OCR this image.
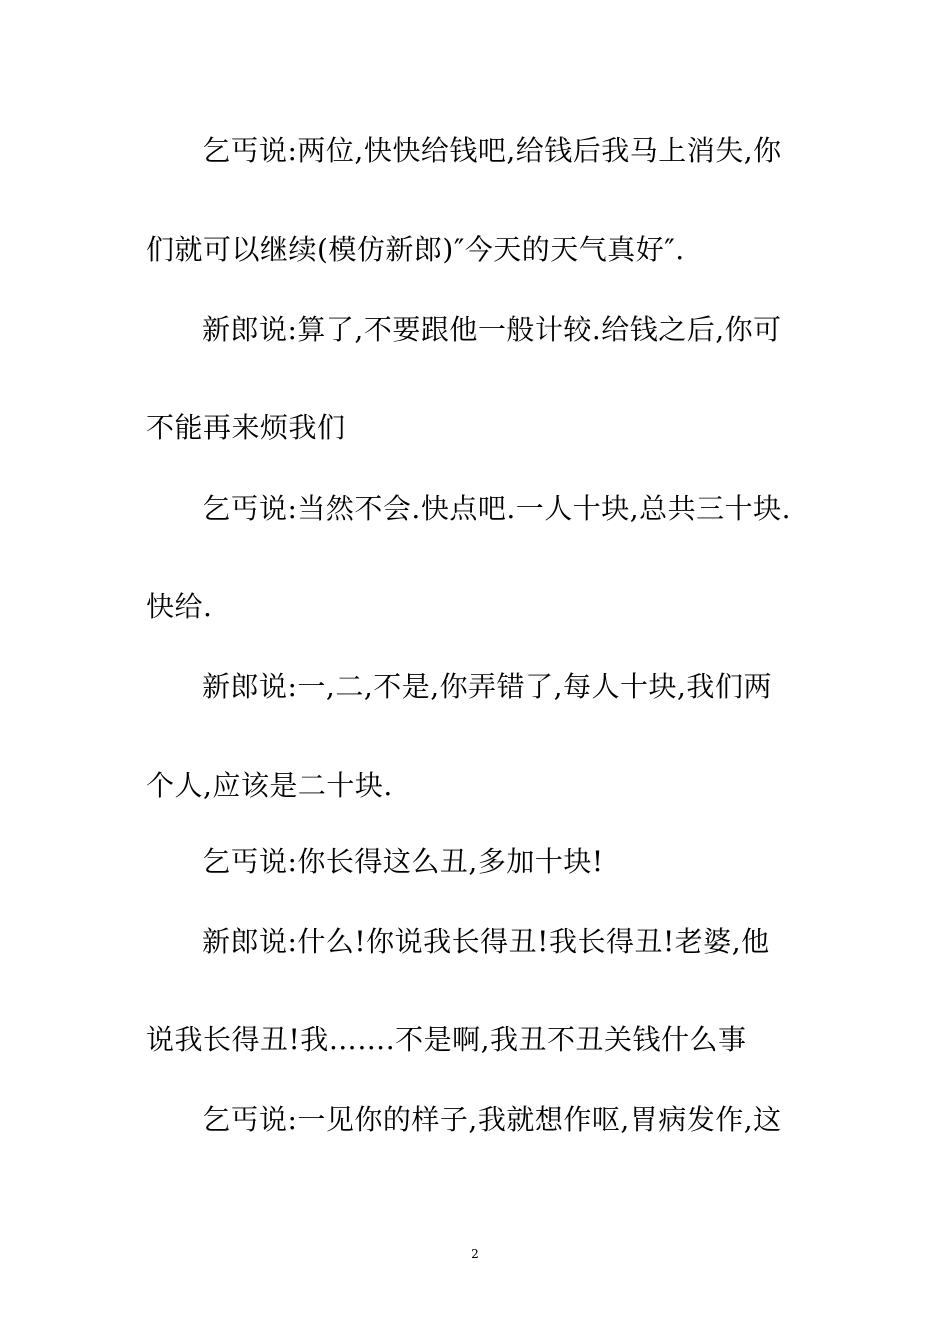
乞丐说:两位,快快给钱吧,给钱后我马上消失,你
们就可以继续(模仿新郎)″今天的天气真好″.
新郎说:算了,不要跟他一般计较.给钱之后,你可
不能再来烦我们
乞丐说:当然不会.快点吧.一人十块,总共三十块.
快给.
新郎说:一,二,不是,你弄错了,每人十块,我们两
个人,应该是二十块.
乞丐说:你长得这么丑,多加十块!
新郎说:什么!你说我长得丑!我长得丑!老婆,他
说我长得丑!我…….不是啊,我丑不丑关钱什么事
乞丐说:一见你的样子,我就想作呕,胃病发作,这
2
